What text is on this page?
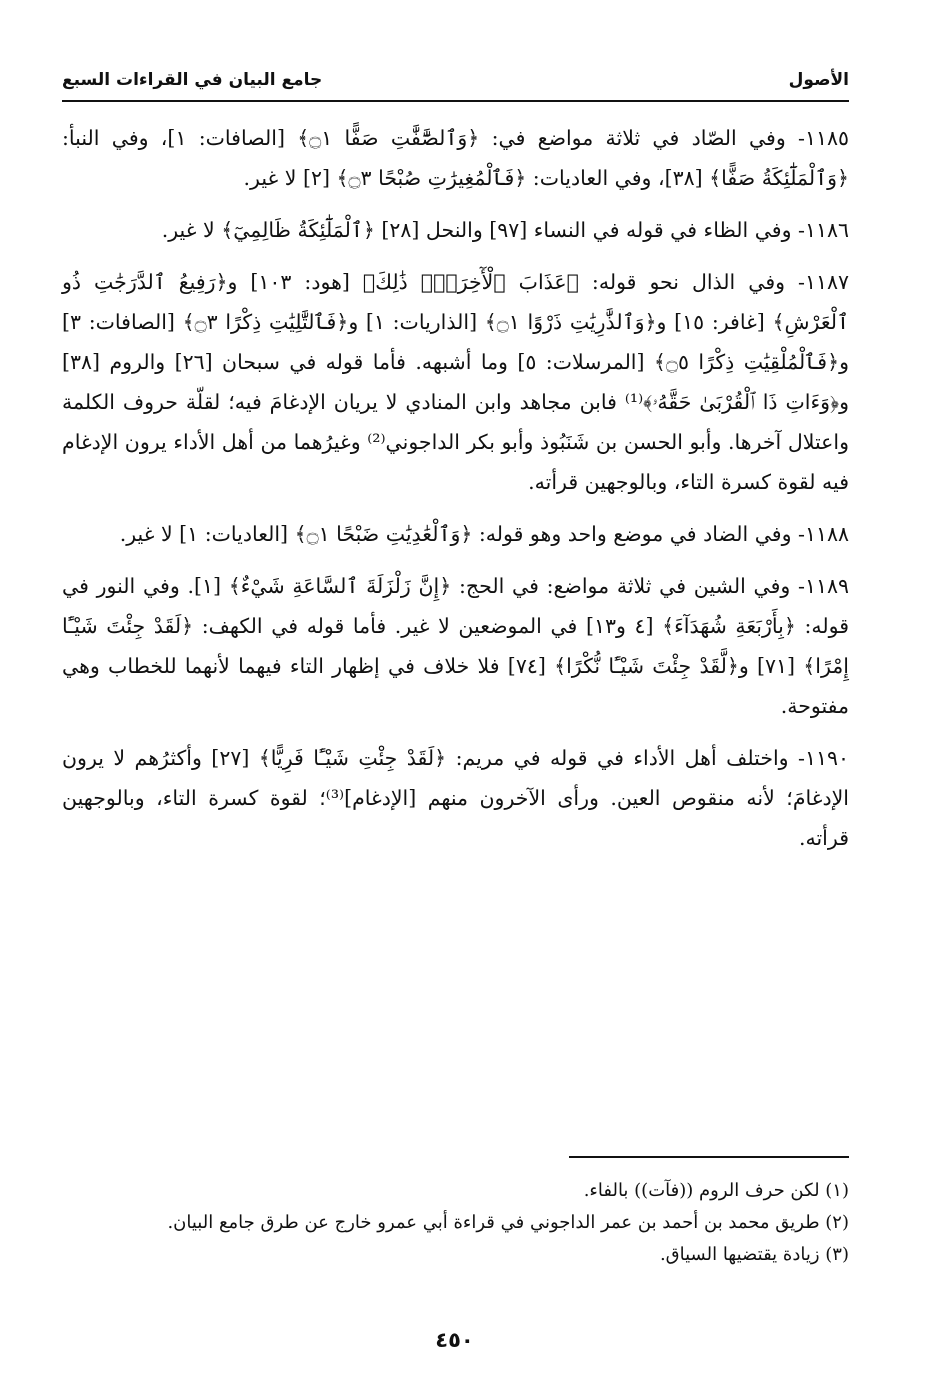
الأصول
جامع البيان في القراءات السبع

١١٨٥- وفي الصّاد في ثلاثة مواضع في: ﴿وَٱلصَّٰٓفَّٰتِ صَفًّا ۝١﴾ [الصافات: ١]، وفي النبأ: ﴿وَٱلْمَلَٰٓئِكَةُ صَفًّا﴾ [٣٨]، وفي العاديات: ﴿فَٱلْمُغِيرَٰتِ صُبْحًا ۝٣﴾ [٢] لا غير.

١١٨٦- وفي الظاء في قوله في النساء [٩٧] والنحل [٢٨] ﴿ٱلْمَلَٰٓئِكَةُ ظَالِمِيٓ﴾ لا غير.

١١٨٧- وفي الذال نحو قوله: ﴿عَذَابَ ٱلْأٓخِرَةِۚ ذَٰلِكَ﴾ [هود: ١٠٣] و﴿رَفِيعُ ٱلدَّرَجَٰتِ ذُو ٱلْعَرْشِ﴾ [غافر: ١٥] و﴿وَٱلذَّٰرِيَٰتِ ذَرْوًا ۝١﴾ [الذاريات: ١] و﴿فَٱلتَّٰلِيَٰتِ ذِكْرًا ۝٣﴾ [الصافات: ٣] و﴿فَٱلْمُلْقِيَٰتِ ذِكْرًا ۝٥﴾ [المرسلات: ٥] وما أشبهه. فأما قوله في سبحان [٢٦] والروم [٣٨] و﴿وَءَاتِ ذَا ٱلْقُرْبَىٰ حَقَّهُۥ﴾⁽¹⁾ فابن مجاهد وابن المنادي لا يريان الإدغامَ فيه؛ لقلّة حروف الكلمة واعتلال آخرها. وأبو الحسن بن شَنَبُوذ وأبو بكر الداجوني⁽²⁾ وغيرُهما من أهل الأداء يرون الإدغام فيه لقوة كسرة التاء، وبالوجهين قرأته.

١١٨٨- وفي الضاد في موضع واحد وهو قوله: ﴿وَٱلْعَٰدِيَٰتِ ضَبْحًا ۝١﴾ [العاديات: ١] لا غير.

١١٨٩- وفي الشين في ثلاثة مواضع: في الحج: ﴿إِنَّ زَلْزَلَةَ ٱلسَّاعَةِ شَيْءٌ﴾ [١]. وفي النور في قوله: ﴿بِأَرْبَعَةِ شُهَدَآءَ﴾ [٤ و١٣] في الموضعين لا غير. فأما قوله في الكهف: ﴿لَقَدْ جِئْتَ شَيْـًٔا إِمْرًا﴾ [٧١] و﴿لَّقَدْ جِئْتَ شَيْـًٔا نُّكْرًا﴾ [٧٤] فلا خلاف في إظهار التاء فيهما لأنهما للخطاب وهي مفتوحة.

١١٩٠- واختلف أهل الأداء في قوله في مريم: ﴿لَقَدْ جِئْتِ شَيْـًٔا فَرِيًّا﴾ [٢٧] وأكثرُهم لا يرون الإدغامَ؛ لأنه منقوص العين. ورأى الآخرون منهم [الإدغام]⁽³⁾؛ لقوة كسرة التاء، وبالوجهين قرأته.

(١) لكن حرف الروم ((فآت)) بالفاء.

(٢) طريق محمد بن أحمد بن عمر الداجوني في قراءة أبي عمرو خارج عن طرق جامع البيان.

(٣) زيادة يقتضيها السياق.

٤٥٠
